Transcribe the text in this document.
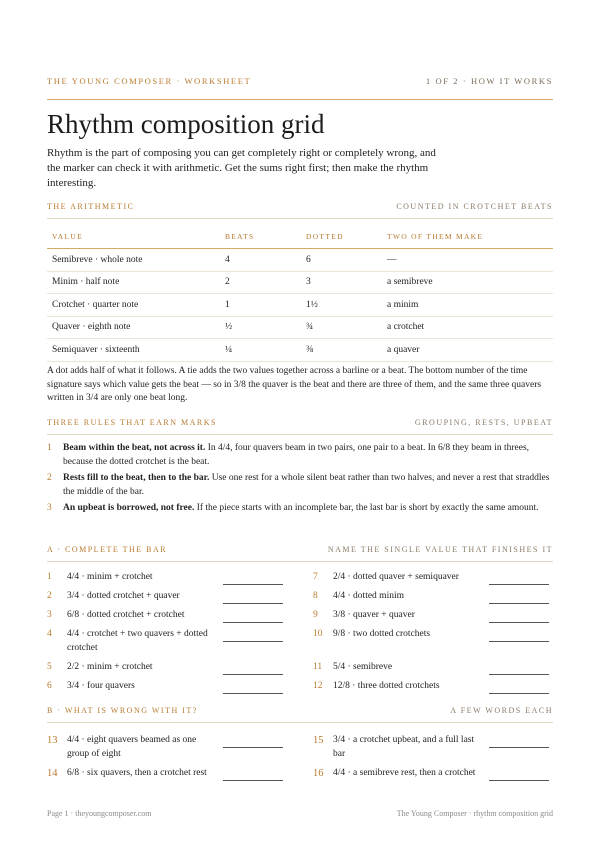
THE YOUNG COMPOSER · WORKSHEET	1 OF 2 · HOW IT WORKS
Rhythm composition grid

Rhythm is the part of composing you can get completely right or completely wrong, and the marker can check it with arithmetic. Get the sums right first; then make the rhythm interesting.

THE ARITHMETIC	COUNTED IN CROTCHET BEATS
VALUE	BEATS	DOTTED	TWO OF THEM MAKE
Semibreve · whole note	4	6	—
Minim · half note	2	3	a semibreve
Crotchet · quarter note	1	1½	a minim
Quaver · eighth note	½	¾	a crotchet
Semiquaver · sixteenth	¼	⅜	a quaver

A dot adds half of what it follows. A tie adds the two values together across a barline or a beat. The bottom number of the time signature says which value gets the beat — so in 3/8 the quaver is the beat and there are three of them, and the same three quavers written in 3/4 are only one beat long.

THREE RULES THAT EARN MARKS	GROUPING, RESTS, UPBEAT
1 Beam within the beat, not across it. In 4/4, four quavers beam in two pairs, one pair to a beat. In 6/8 they beam in threes, because the dotted crotchet is the beat.
2 Rests fill to the beat, then to the bar. Use one rest for a whole silent beat rather than two halves, and never a rest that straddles the middle of the bar.
3 An upbeat is borrowed, not free. If the piece starts with an incomplete bar, the last bar is short by exactly the same amount.
A · COMPLETE THE BAR	NAME THE SINGLE VALUE THAT FINISHES IT
1 4/4 · minim + crotchet
2 3/4 · dotted crotchet + quaver
3 6/8 · dotted crotchet + crotchet
4 4/4 · crotchet + two quavers + dotted crotchet
5 2/2 · minim + crotchet
6 3/4 · four quavers
7 2/4 · dotted quaver + semiquaver
8 4/4 · dotted minim
9 3/8 · quaver + quaver
10 9/8 · two dotted crotchets
11 5/4 · semibreve
12 12/8 · three dotted crotchets
B · WHAT IS WRONG WITH IT?	A FEW WORDS EACH
13 4/4 · eight quavers beamed as one group of eight
14 6/8 · six quavers, then a crotchet rest
15 3/4 · a crotchet upbeat, and a full last bar
16 4/4 · a semibreve rest, then a crotchet
Page 1 · theyoungcomposer.com	The Young Composer · rhythm composition grid
